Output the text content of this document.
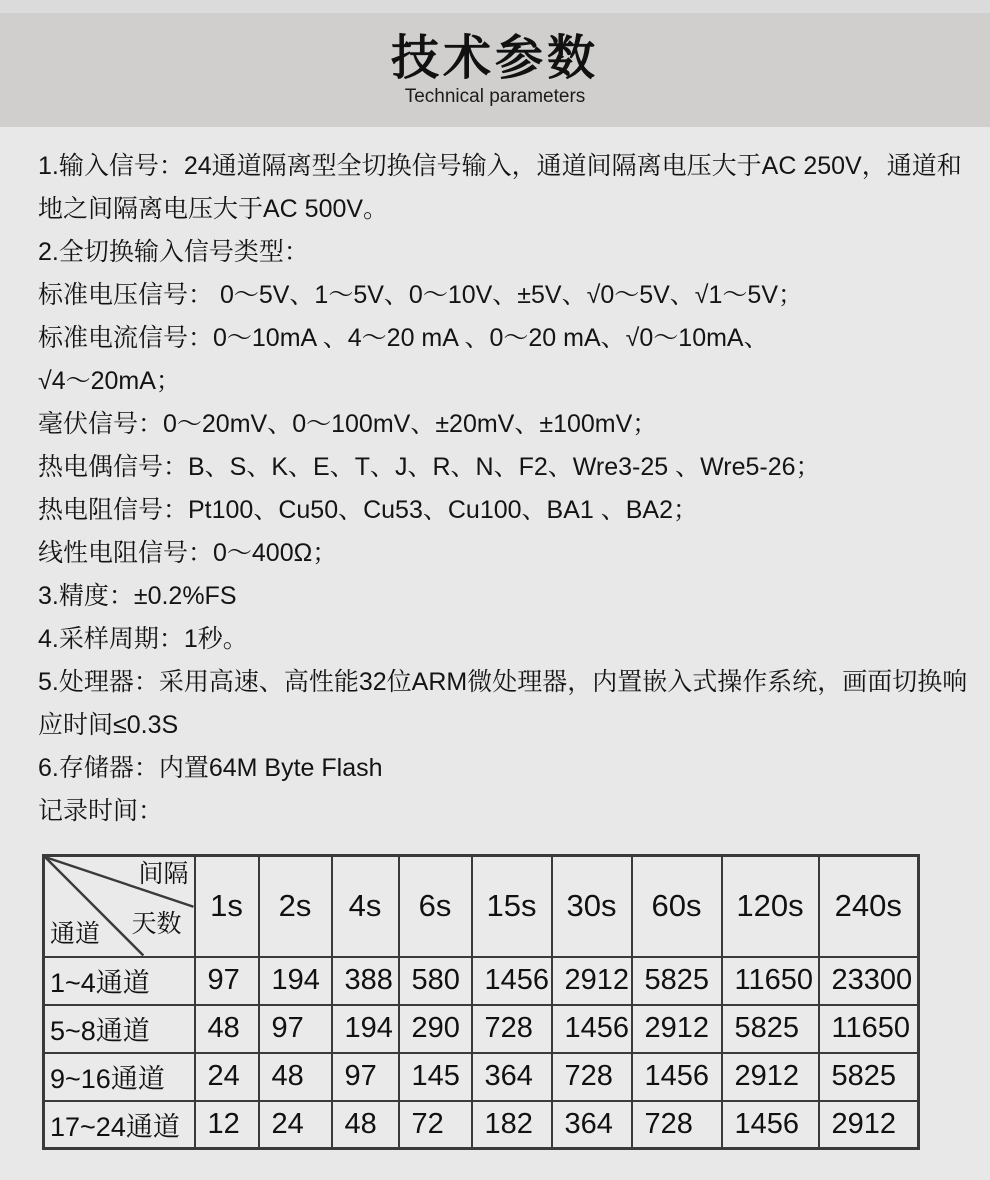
技术参数
Technical parameters
1.输入信号：24通道隔离型全切换信号输入，通道间隔离电压大于AC 250V，通道和
地之间隔离电压大于AC 500V。
2.全切换输入信号类型：
标准电压信号： 0～5V、1～5V、0～10V、±5V、√0～5V、√1～5V；
标准电流信号：0～10mA 、4～20 mA 、0～20 mA、√0～10mA、
√4～20mA；
毫伏信号：0～20mV、0～100mV、±20mV、±100mV；
热电偶信号：B、S、K、E、T、J、R、N、F2、Wre3-25 、Wre5-26；
热电阻信号：Pt100、Cu50、Cu53、Cu100、BA1 、BA2；
线性电阻信号：0～400Ω；
3.精度：±0.2%FS
4.采样周期：1秒。
5.处理器：采用高速、高性能32位ARM微处理器，内置嵌入式操作系统，画面切换响
应时间≤0.3S
6.存储器：内置64M Byte Flash
记录时间：
间隔
天数
通道	1s	2s	4s	6s	15s	30s	60s	120s	240s
1~4通道	97	194	388	580	1456	2912	5825	11650	23300
5~8通道	48	97	194	290	728	1456	2912	5825	11650
9~16通道	24	48	97	145	364	728	1456	2912	5825
17~24通道	12	24	48	72	182	364	728	1456	2912
